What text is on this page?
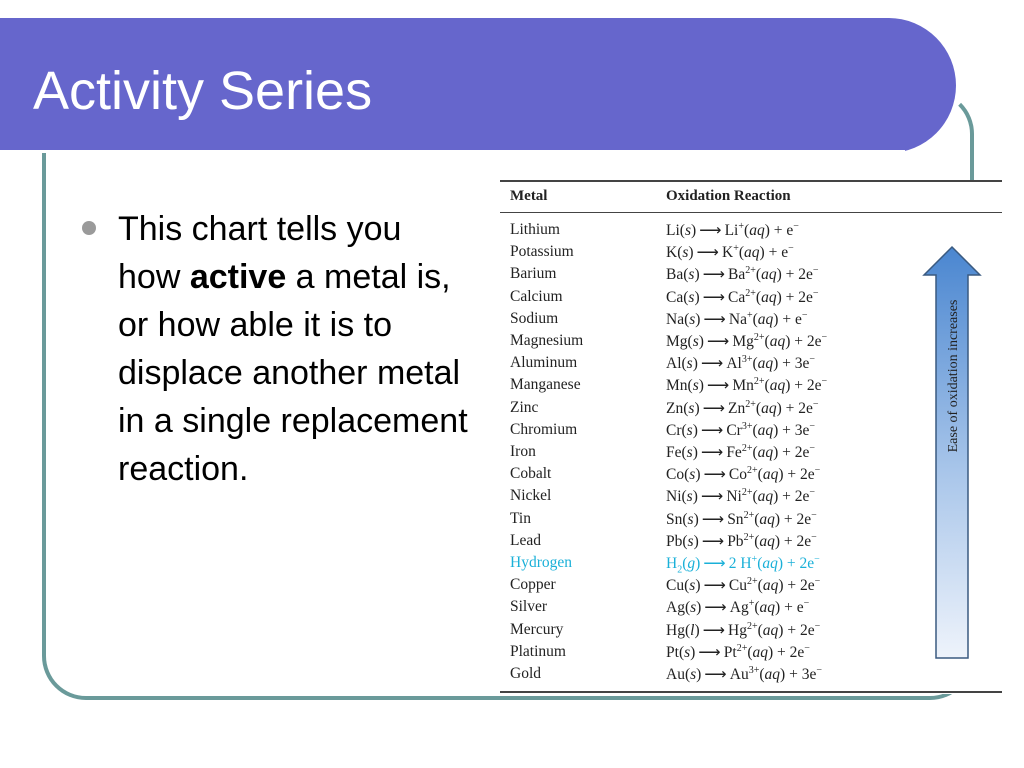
Activity Series

This chart tells you how active a metal is, or how able it is to displace another metal in a single replacement reaction.

Metal	Oxidation Reaction
Lithium	Li(s) ⟶ Li+(aq) + e−
Potassium	K(s) ⟶ K+(aq) + e−
Barium	Ba(s) ⟶ $Ba^{2+}(aq) + 2e^-$
Calcium	Ca(s) ⟶ $Ca^{2+}(aq) + 2e^-$
Sodium	Na(s) ⟶ Na+(aq) + e−
Magnesium	Mg(s) ⟶ $Mg^{2+}(aq) + 2e^-$
Aluminum	Al(s) ⟶ $Al^{3+}(aq) + 3e^-$
Manganese	Mn(s) ⟶ $Mn^{2+}(aq) + 2e^-$
Zinc	Zn(s) ⟶ $Zn^{2+}(aq) + 2e^-$
Chromium	Cr(s) ⟶ $Cr^{3+}(aq) + 3e^-$
Iron	Fe(s) ⟶ $Fe^{2+}(aq) + 2e^-$
Cobalt	Co(s) ⟶ $Co^{2+}(aq) + 2e^-$
Nickel	Ni(s) ⟶ $Ni^{2+}(aq) + 2e^-$
Tin	Sn(s) ⟶ $Sn^{2+}(aq) + 2e^-$
Lead	Pb(s) ⟶ $Pb^{2+}(aq) + 2e^-$
Hydrogen	$H_2(g)$ ⟶ 2 H+(aq) + 2e−
Copper	Cu(s) ⟶ $Cu^{2+}(aq) + 2e^-$
Silver	Ag(s) ⟶ Ag+(aq) + e−
Mercury	Hg(l) ⟶ $Hg^{2+}(aq) + 2e^-$
Platinum	Pt(s) ⟶ $Pt^{2+}(aq) + 2e^-$
Gold	Au(s) ⟶ $Au^{3+}(aq) + 3e^-$
Ease of oxidation increases
